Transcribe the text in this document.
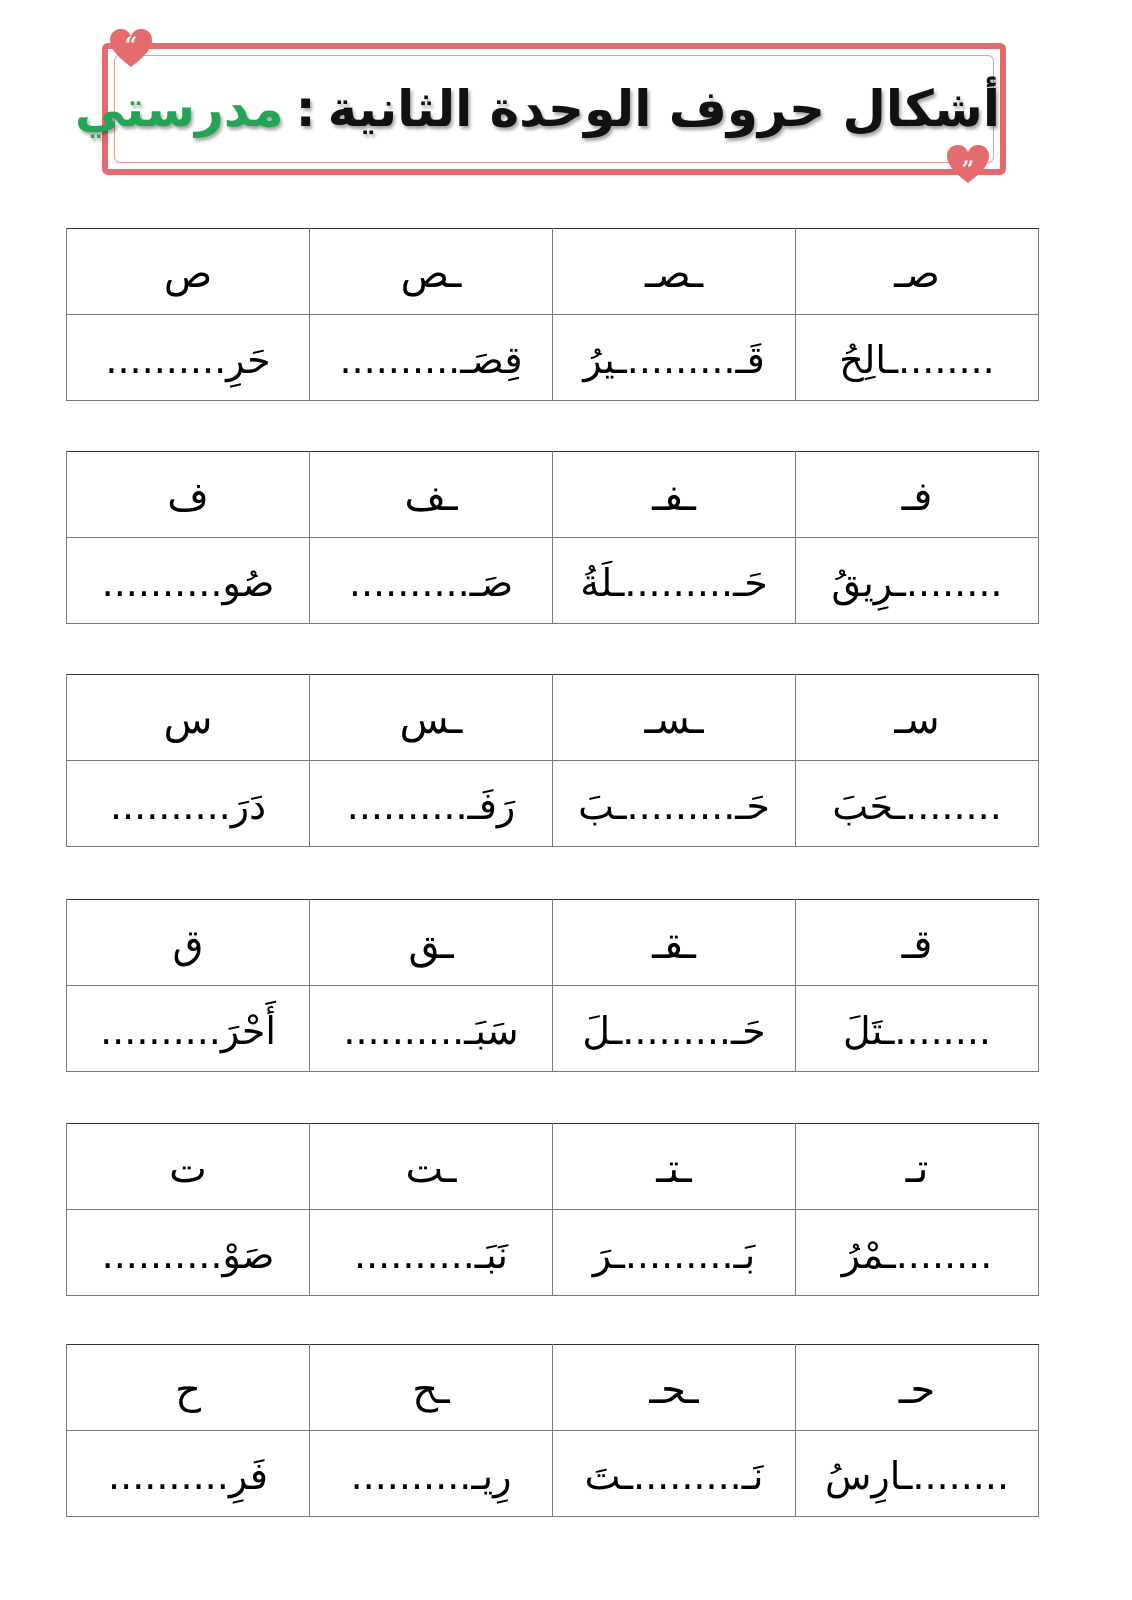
أشكال حروف الوحدة الثانية:مدرستي
“
”
صـ	ـصـ	ـص	ص
........ـالِحُ	قَـ.........ـيرُ	قِصَـ..........	حَرِ..........
فـ	ـفـ	ـف	ف
........ـرِيقُ	حَـ.........ـلَةُ	صَـ..........	صُو..........
سـ	ـسـ	ـس	س
........ـحَبَ	حَـ.........ـبَ	رَفَـ..........	دَرَ..........
قـ	ـقـ	ـق	ق
........ـتَلَ	حَـ.........ـلَ	سَبَـ..........	أَحْرَ..........
تـ	ـتـ	ـت	ت
........ـمْرُ	بَـ.........ـرَ	نَبَـ..........	صَوْ..........
حـ	ـحـ	ـح	ح
........ـارِسُ	نَـ.........ـتَ	رِيـ..........	فَرِ..........
